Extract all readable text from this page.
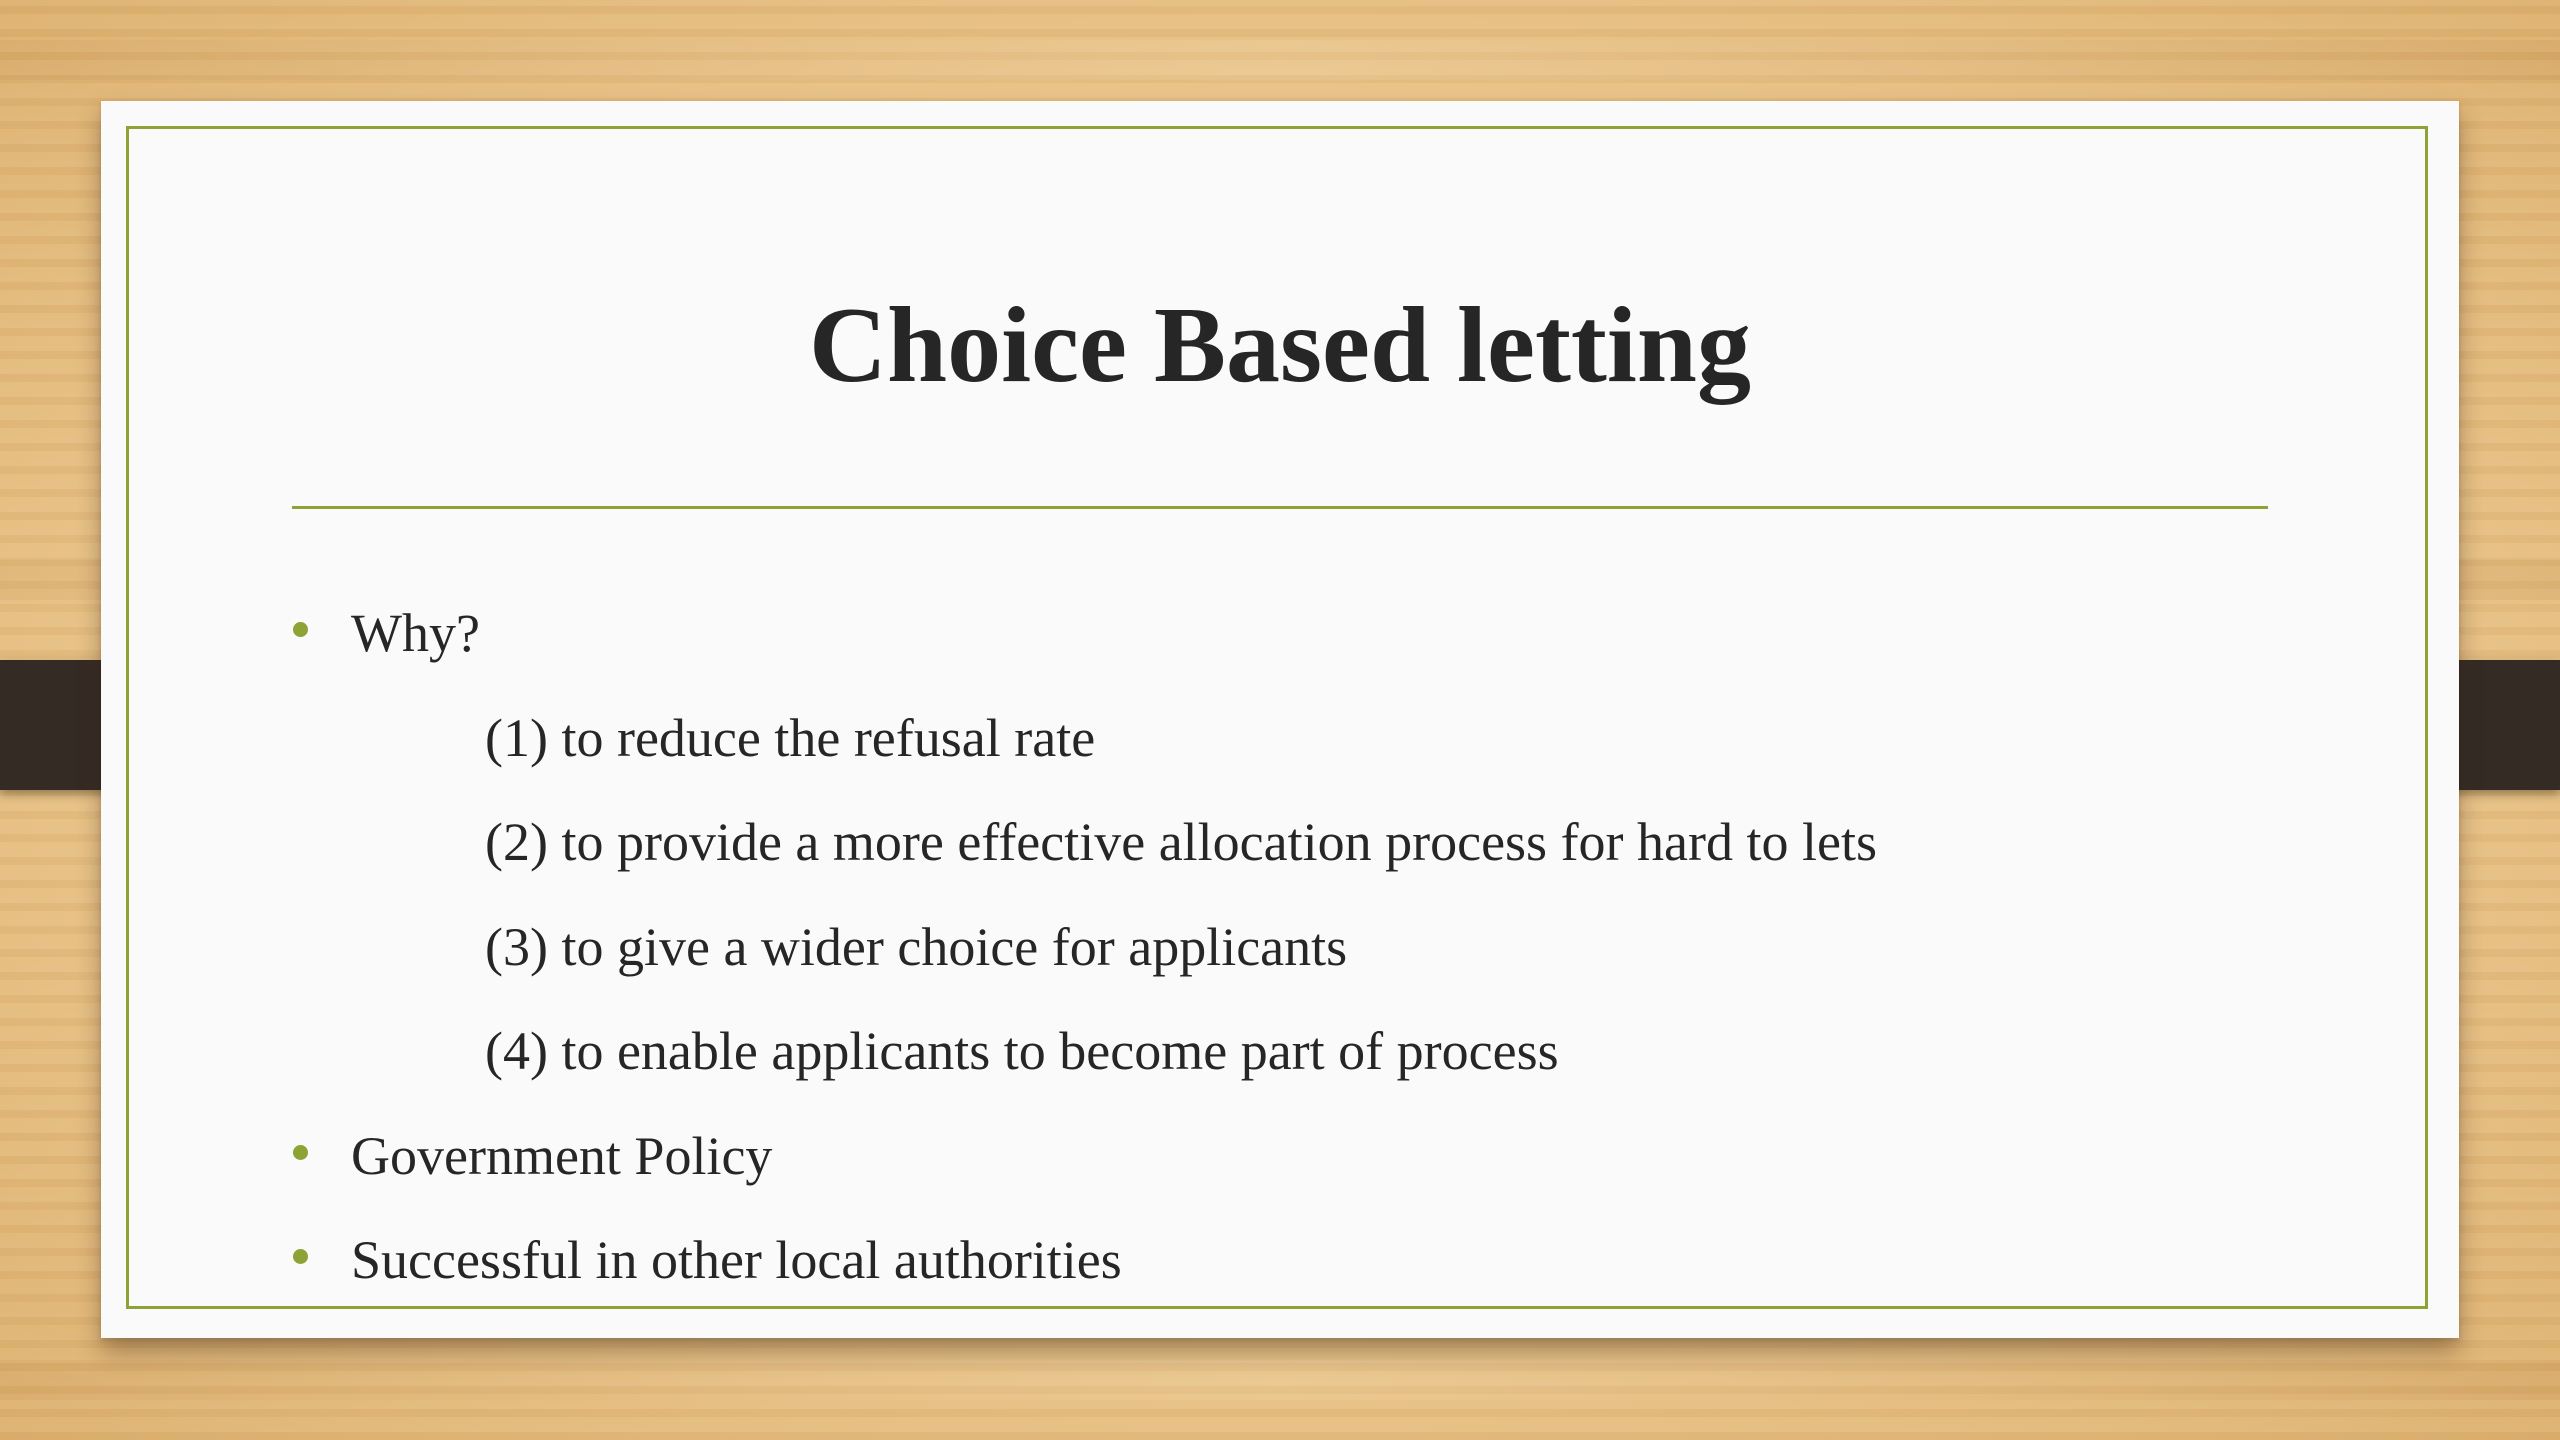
Choice Based letting
Why?
(1) to reduce the refusal rate
(2) to provide a more effective allocation process for hard to lets
(3) to give a wider choice for applicants
(4) to enable applicants to become part of process
Government Policy
Successful in other local authorities
